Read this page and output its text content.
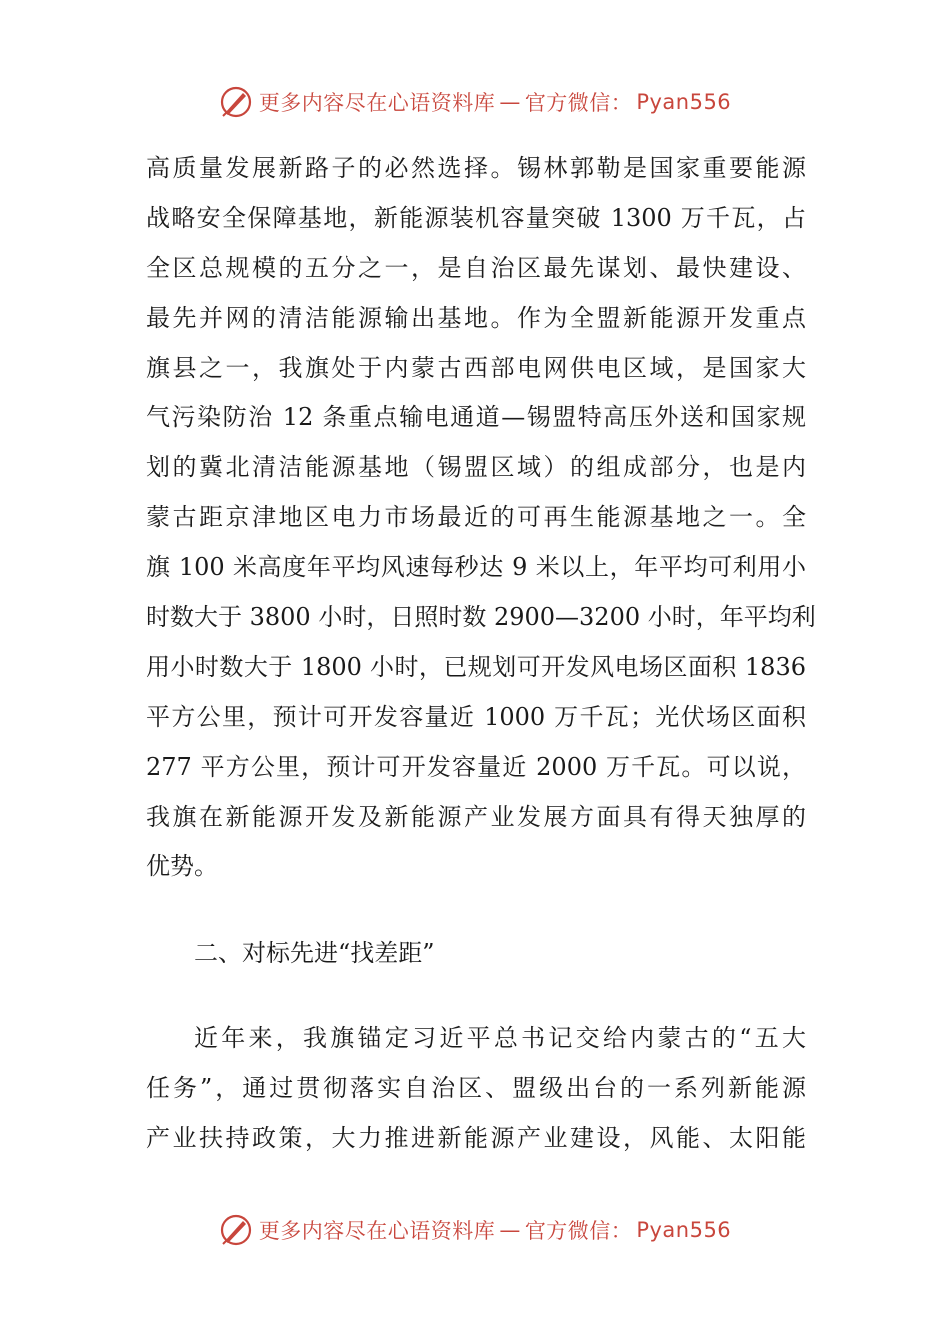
更多内容尽在心语资料库 — 官方微信： Pyan556
高质量发展新路子的必然选择。锡林郭勒是国家重要能源
战略安全保障基地，新能源装机容量突破 1300 万千瓦，占
全区总规模的五分之一，是自治区最先谋划、最快建设、
最先并网的清洁能源输出基地。作为全盟新能源开发重点
旗县之一，我旗处于内蒙古西部电网供电区域，是国家大
气污染防治 12 条重点输电通道—锡盟特高压外送和国家规
划的冀北清洁能源基地（锡盟区域）的组成部分，也是内
蒙古距京津地区电力市场最近的可再生能源基地之一。全
旗 100 米高度年平均风速每秒达 9 米以上，年平均可利用小
时数大于 3800 小时，日照时数 2900—3200 小时，年平均利
用小时数大于 1800 小时，已规划可开发风电场区面积 1836
平方公里，预计可开发容量近 1000 万千瓦；光伏场区面积
277 平方公里，预计可开发容量近 2000 万千瓦。可以说，
我旗在新能源开发及新能源产业发展方面具有得天独厚的
优势。
二、对标先进“找差距”
近年来，我旗锚定习近平总书记交给内蒙古的“五大
任务”，通过贯彻落实自治区、盟级出台的一系列新能源
产业扶持政策，大力推进新能源产业建设，风能、太阳能
更多内容尽在心语资料库 — 官方微信： Pyan556
